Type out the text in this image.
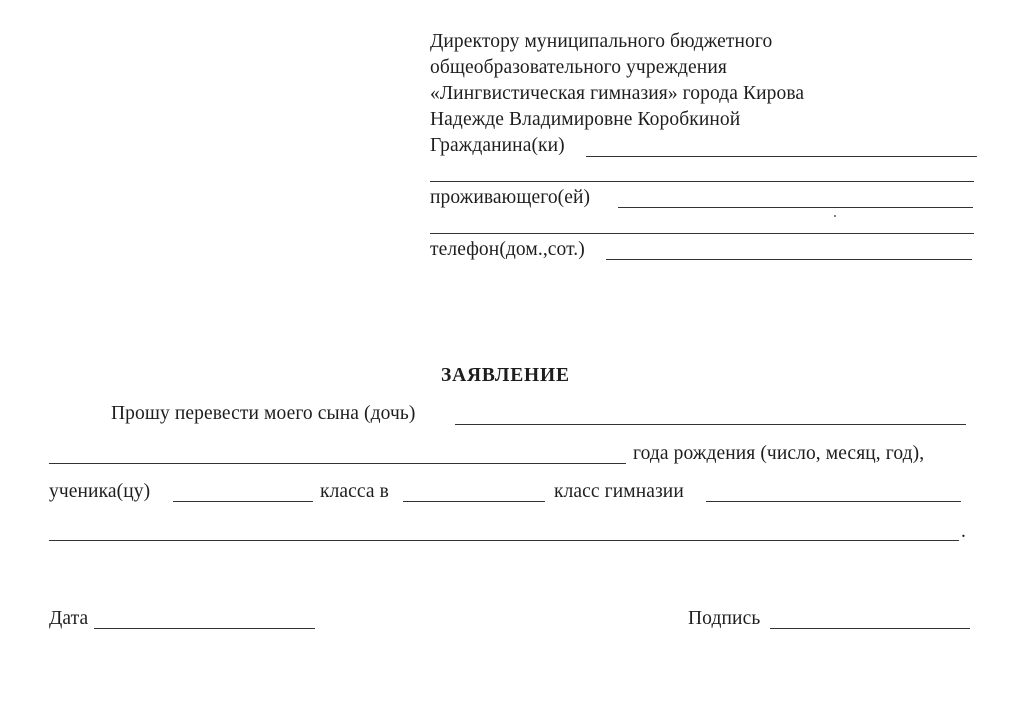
Директору муниципального бюджетного
общеобразовательного учреждения
«Лингвистическая гимназия» города Кирова
Надежде Владимировне Коробкиной
Гражданина(ки)
проживающего(ей)
телефон(дом.,сот.)
ЗАЯВЛЕНИЕ
Прошу перевести моего сына (дочь)
года рождения (число, месяц, год),
ученика(цу)	класса в	класс гимназии
.
Дата	Подпись
